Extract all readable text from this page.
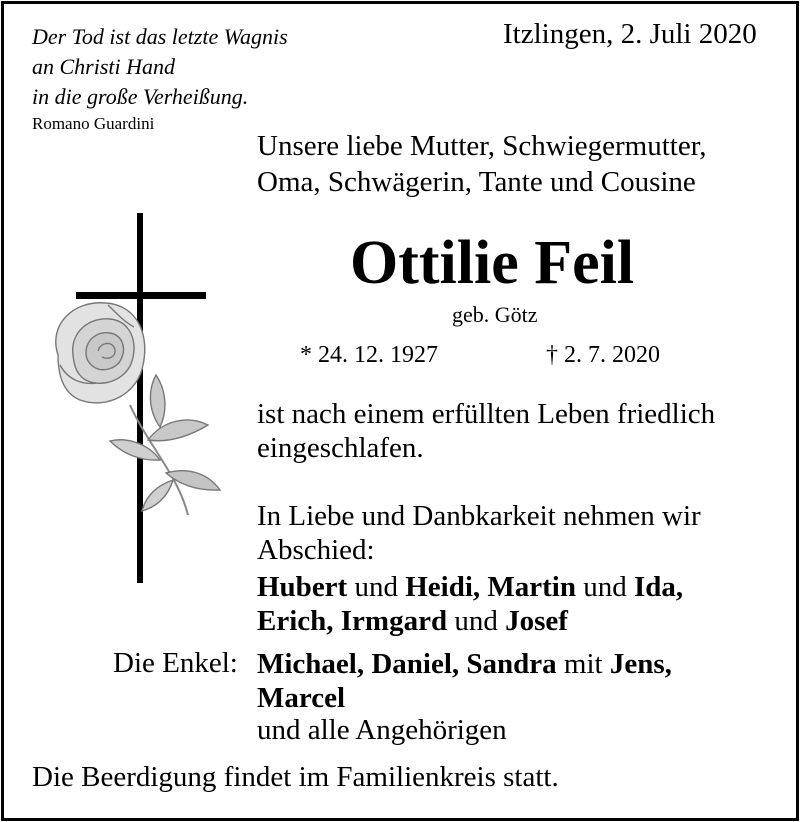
Der Tod ist das letzte Wagnis
an Christi Hand
in die große Verheißung.
Romano Guardini
Itzlingen, 2. Juli 2020
Unsere liebe Mutter, Schwiegermutter,
Oma, Schwägerin, Tante und Cousine
Ottilie Feil
geb. Götz
* 24. 12. 1927	† 2. 7. 2020
ist nach einem erfüllten Leben friedlich
eingeschlafen.
In Liebe und Danbkarkeit nehmen wir
Abschied:
Hubert und Heidi, Martin und Ida,
Erich, Irmgard und Josef
Die Enkel: Michael, Daniel, Sandra mit Jens,
Marcel
und alle Angehörigen
Die Beerdigung findet im Familienkreis statt.
